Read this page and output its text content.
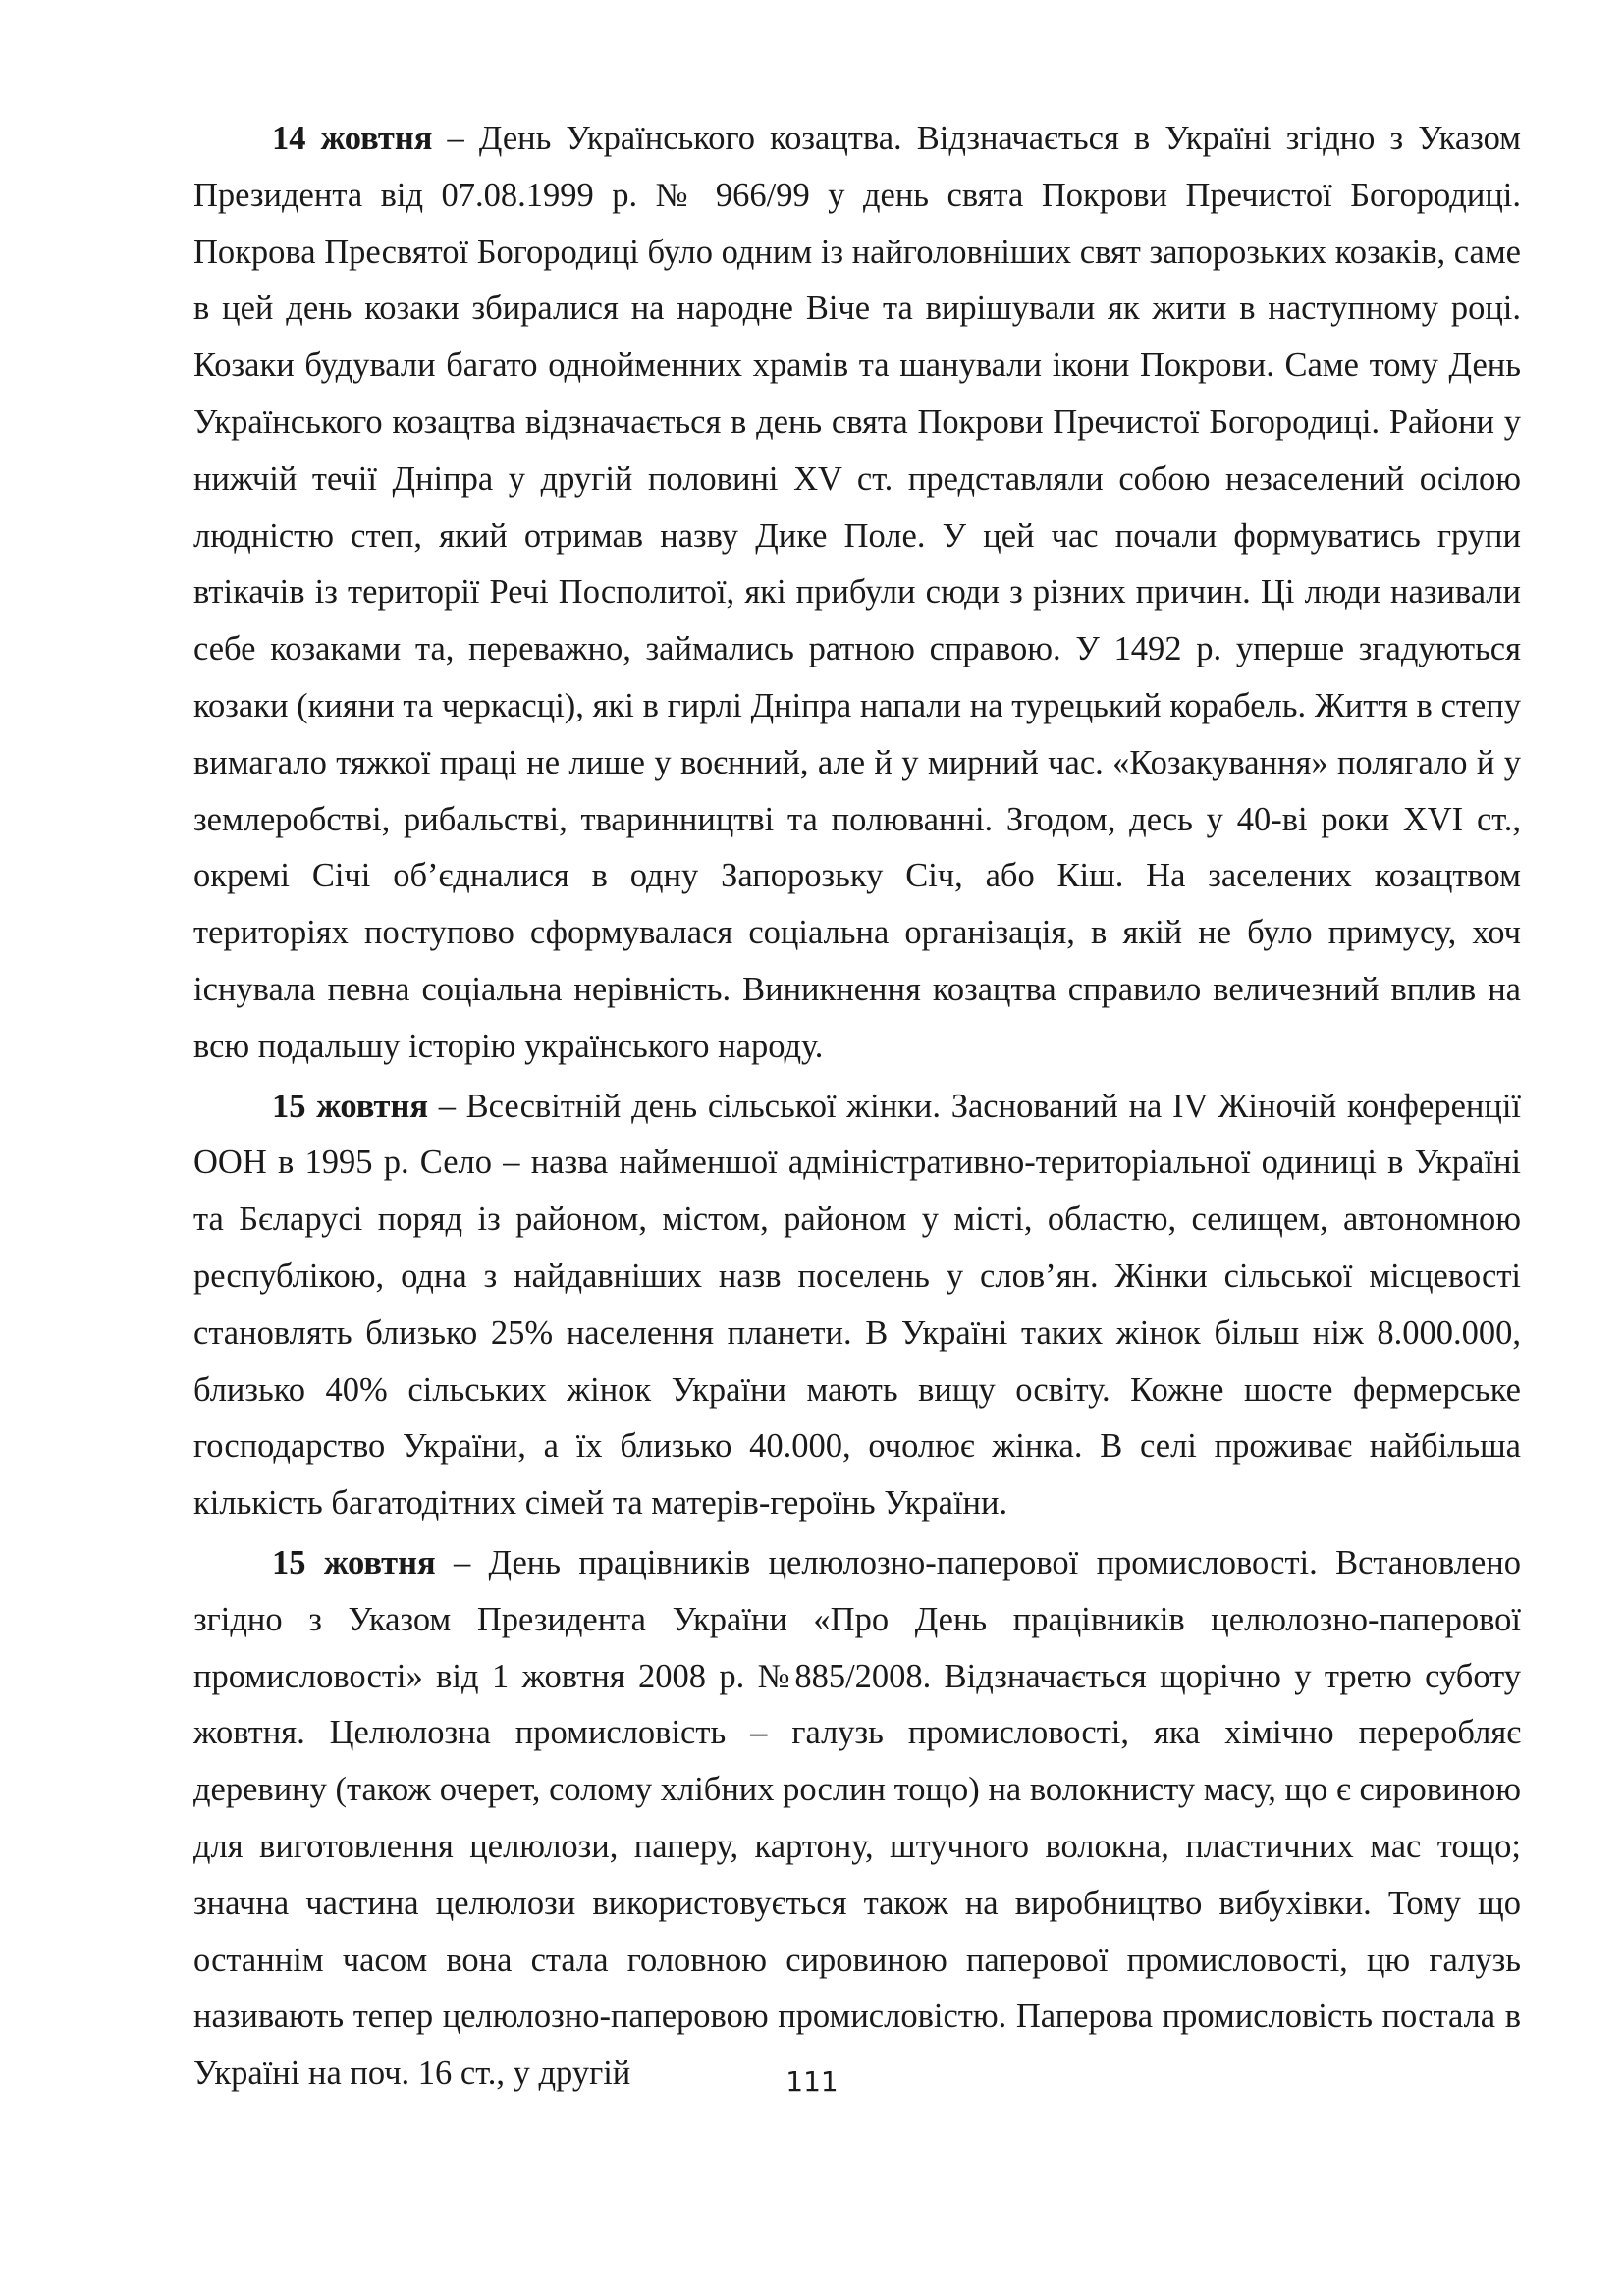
14 жовтня – День Українського козацтва. Відзначається в Україні згідно з Указом Президента від 07.08.1999 р. № 966/99 у день свята Покрови Пречистої Богородиці. Покрова Пресвятої Богородиці було одним із найголовніших свят запорозьких козаків, саме в цей день козаки збиралися на народне Віче та вирішували як жити в наступному році. Козаки будували багато однойменних храмів та шанували ікони Покрови. Саме тому День Українського козацтва відзначається в день свята Покрови Пречистої Богородиці. Райони у нижчій течії Дніпра у другій половині XV ст. представляли собою незаселений осілою людністю степ, який отримав назву Дике Поле. У цей час почали формуватись групи втікачів із території Речі Посполитої, які прибули сюди з різних причин. Ці люди називали себе козаками та, переважно, займались ратною справою. У 1492 р. уперше згадуються козаки (кияни та черкасці), які в гирлі Дніпра напали на турецький корабель. Життя в степу вимагало тяжкої праці не лише у воєнний, але й у мирний час. «Козакування» полягало й у землеробстві, рибальстві, тваринництві та полюванні. Згодом, десь у 40-ві роки XVI ст., окремі Січі об’єдналися в одну Запорозьку Січ, або Кіш. На заселених козацтвом територіях поступово сформувалася соціальна організація, в якій не було примусу, хоч існувала певна соціальна нерівність. Виникнення козацтва справило величезний вплив на всю подальшу історію українського народу.

15 жовтня – Всесвітній день сільської жінки. Заснований на IV Жіночій конференції ООН в 1995 р. Село – назва найменшої адміністративно-територіальної одиниці в Україні та Бєларусі поряд із районом, містом, районом у місті, областю, селищем, автономною республікою, одна з найдавніших назв поселень у слов’ян. Жінки сільської місцевості становлять близько 25% населення планети. В Україні таких жінок більш ніж 8.000.000, близько 40% сільських жінок України мають вищу освіту. Кожне шосте фермерське господарство України, а їх близько 40.000, очолює жінка. В селі проживає найбільша кількість багатодітних сімей та матерів-героїнь України.

15 жовтня – День працівників целюлозно-паперової промисловості. Встановлено згідно з Указом Президента України «Про День працівників целюлозно-паперової промисловості» від 1 жовтня 2008 р. №885/2008. Відзначається щорічно у третю суботу жовтня. Целюлозна промисловість – галузь промисловості, яка хімічно переробляє деревину (також очерет, солому хлібних рослин тощо) на волокнисту масу, що є сировиною для виготовлення целюлози, паперу, картону, штучного волокна, пластичних мас тощо; значна частина целюлози використовується також на виробництво вибухівки. Тому що останнім часом вона стала головною сировиною паперової промисловості, цю галузь називають тепер целюлозно-паперовою промисловістю. Паперова промисловість постала в Україні на поч. 16 ст., у другій	111
